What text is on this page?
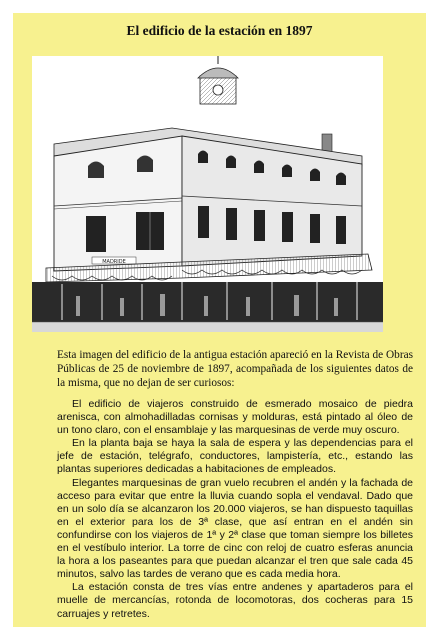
El edificio de la estación en 1897
MADRIDE

Esta imagen del edificio de la antigua estación apareció en la Revista de Obras Públicas de 25 de noviembre de 1897, acompañada de los siguientes datos de la misma, que no dejan de ser curiosos:

El edificio de viajeros construido de esmerado mosaico de piedra arenisca, con almohadilladas cornisas y molduras, está pintado al óleo de un tono claro, con el ensamblaje y las marquesinas de verde muy oscuro.

En la planta baja se haya la sala de espera y las dependencias para el jefe de estación, telégrafo, conductores, lampistería, etc., estando las plantas superiores dedicadas a habitaciones de empleados.

Elegantes marquesinas de gran vuelo recubren el andén y la fachada de acceso para evitar que entre la lluvia cuando sopla el vendaval. Dado que en un solo día se alcanzaron los 20.000 viajeros, se han dispuesto taquillas en el exterior para los de 3ª clase, que así entran en el andén sin confundirse con los viajeros de 1ª y 2ª clase que toman siempre los billetes en el vestíbulo interior. La torre de cinc con reloj de cuatro esferas anuncia la hora a los paseantes para que puedan alcanzar el tren que sale cada 45 minutos, salvo las tardes de verano que es cada media hora.

La estación consta de tres vías entre andenes y apartaderos para el muelle de mercancías, rotonda de locomotoras, dos cocheras para 15 carruajes y retretes.
